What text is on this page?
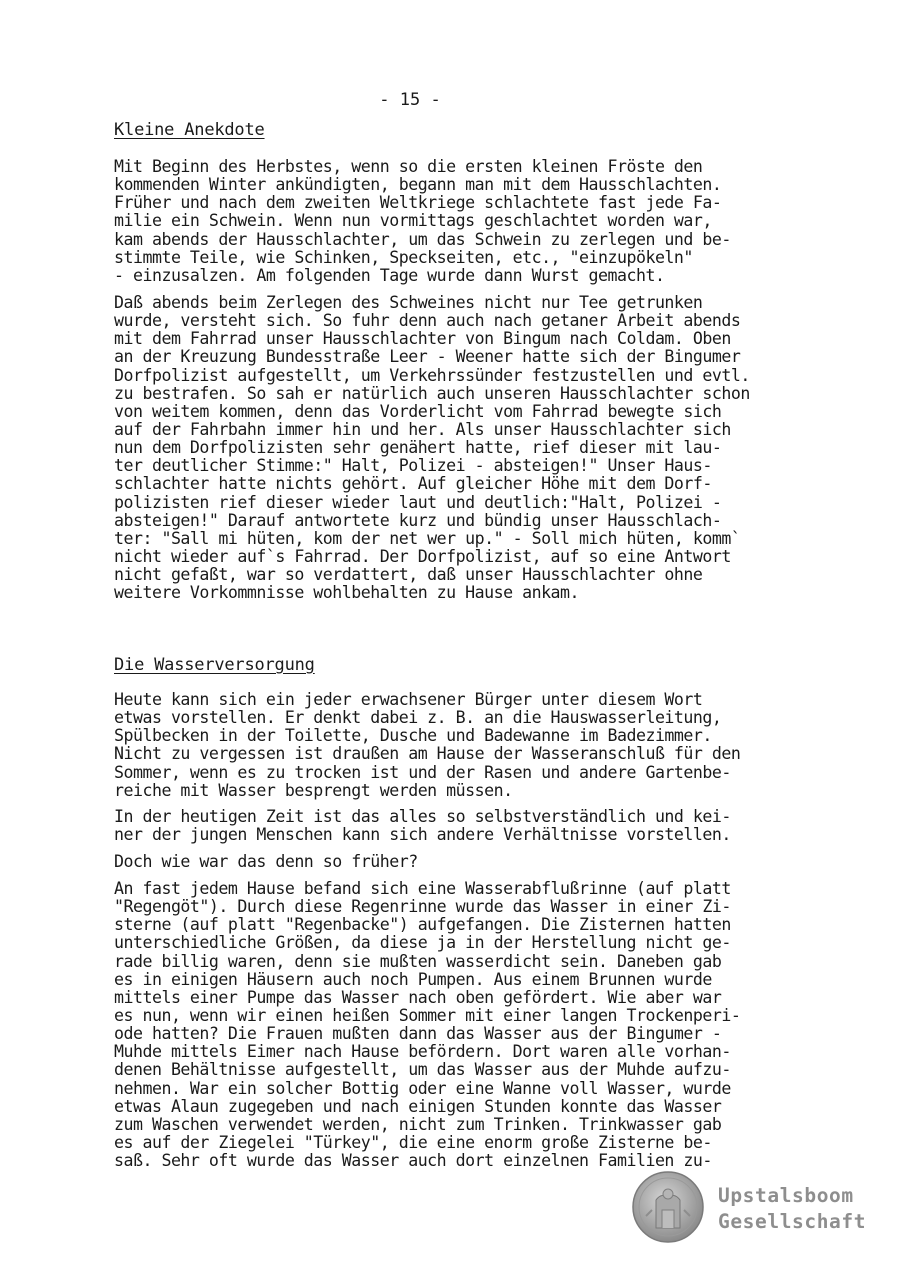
- 15 -
Kleine Anekdote
Mit Beginn des Herbstes, wenn so die ersten kleinen Fröste den
kommenden Winter ankündigten, begann man mit dem Hausschlachten.
Früher und nach dem zweiten Weltkriege schlachtete fast jede Fa-
milie ein Schwein. Wenn nun vormittags geschlachtet worden war,
kam abends der Hausschlachter, um das Schwein zu zerlegen und be-
stimmte Teile, wie Schinken, Speckseiten, etc., "einzupökeln"
- einzusalzen. Am folgenden Tage wurde dann Wurst gemacht.
Daß abends beim Zerlegen des Schweines nicht nur Tee getrunken
wurde, versteht sich. So fuhr denn auch nach getaner Arbeit abends
mit dem Fahrrad unser Hausschlachter von Bingum nach Coldam. Oben
an der Kreuzung Bundesstraße Leer - Weener hatte sich der Bingumer
Dorfpolizist aufgestellt, um Verkehrssünder festzustellen und evtl.
zu bestrafen. So sah er natürlich auch unseren Hausschlachter schon
von weitem kommen, denn das Vorderlicht vom Fahrrad bewegte sich
auf der Fahrbahn immer hin und her. Als unser Hausschlachter sich
nun dem Dorfpolizisten sehr genähert hatte, rief dieser mit lau-
ter deutlicher Stimme:" Halt, Polizei - absteigen!" Unser Haus-
schlachter hatte nichts gehört. Auf gleicher Höhe mit dem Dorf-
polizisten rief dieser wieder laut und deutlich:"Halt, Polizei -
absteigen!" Darauf antwortete kurz und bündig unser Hausschlach-
ter: "Sall mi hüten, kom der net wer up." - Soll mich hüten, komm`
nicht wieder auf`s Fahrrad. Der Dorfpolizist, auf so eine Antwort
nicht gefaßt, war so verdattert, daß unser Hausschlachter ohne
weitere Vorkommnisse wohlbehalten zu Hause ankam.
Die Wasserversorgung
Heute kann sich ein jeder erwachsener Bürger unter diesem Wort
etwas vorstellen. Er denkt dabei z. B. an die Hauswasserleitung,
Spülbecken in der Toilette, Dusche und Badewanne im Badezimmer.
Nicht zu vergessen ist draußen am Hause der Wasseranschluß für den
Sommer, wenn es zu trocken ist und der Rasen und andere Gartenbe-
reiche mit Wasser besprengt werden müssen.
In der heutigen Zeit ist das alles so selbstverständlich und kei-
ner der jungen Menschen kann sich andere Verhältnisse vorstellen.
Doch wie war das denn so früher?
An fast jedem Hause befand sich eine Wasserabflußrinne (auf platt
"Regengöt"). Durch diese Regenrinne wurde das Wasser in einer Zi-
sterne (auf platt "Regenbacke") aufgefangen. Die Zisternen hatten
unterschiedliche Größen, da diese ja in der Herstellung nicht ge-
rade billig waren, denn sie mußten wasserdicht sein. Daneben gab
es in einigen Häusern auch noch Pumpen. Aus einem Brunnen wurde
mittels einer Pumpe das Wasser nach oben gefördert. Wie aber war
es nun, wenn wir einen heißen Sommer mit einer langen Trockenperi-
ode hatten? Die Frauen mußten dann das Wasser aus der Bingumer -
Muhde mittels Eimer nach Hause befördern. Dort waren alle vorhan-
denen Behältnisse aufgestellt, um das Wasser aus der Muhde aufzu-
nehmen. War ein solcher Bottig oder eine Wanne voll Wasser, wurde
etwas Alaun zugegeben und nach einigen Stunden konnte das Wasser
zum Waschen verwendet werden, nicht zum Trinken. Trinkwasser gab
es auf der Ziegelei "Türkey", die eine enorm große Zisterne be-
saß. Sehr oft wurde das Wasser auch dort einzelnen Familien zu-
Upstalsboom
Gesellschaft
